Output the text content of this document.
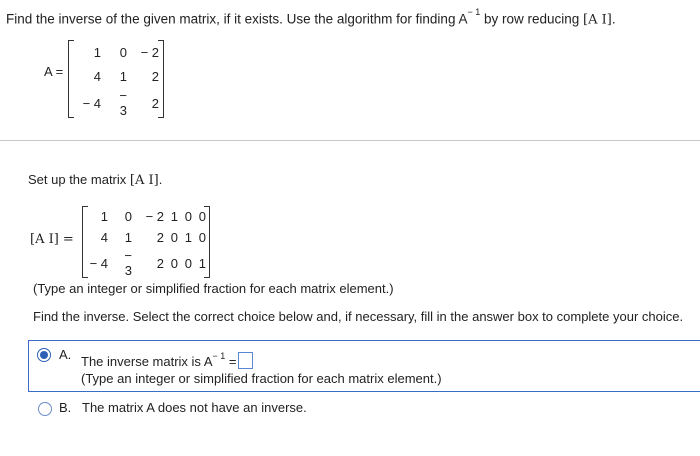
Find the inverse of the given matrix, if it exists. Use the algorithm for finding $A^{- 1}$ by row reducing [A I].
A =
1	0	− 2
4	1	2
− 4	− 3	2
Set up the matrix [A I].
[A I] =
1	0	− 2	1	0	0
4	1	2	0	1	0
− 4	− 3	2	0	0	1
(Type an integer or simplified fraction for each matrix element.)
Find the inverse. Select the correct choice below and, if necessary, fill in the answer box to complete your choice.
A. The inverse matrix is $A^{- 1}$ =
(Type an integer or simplified fraction for each matrix element.)
B. The matrix A does not have an inverse.
